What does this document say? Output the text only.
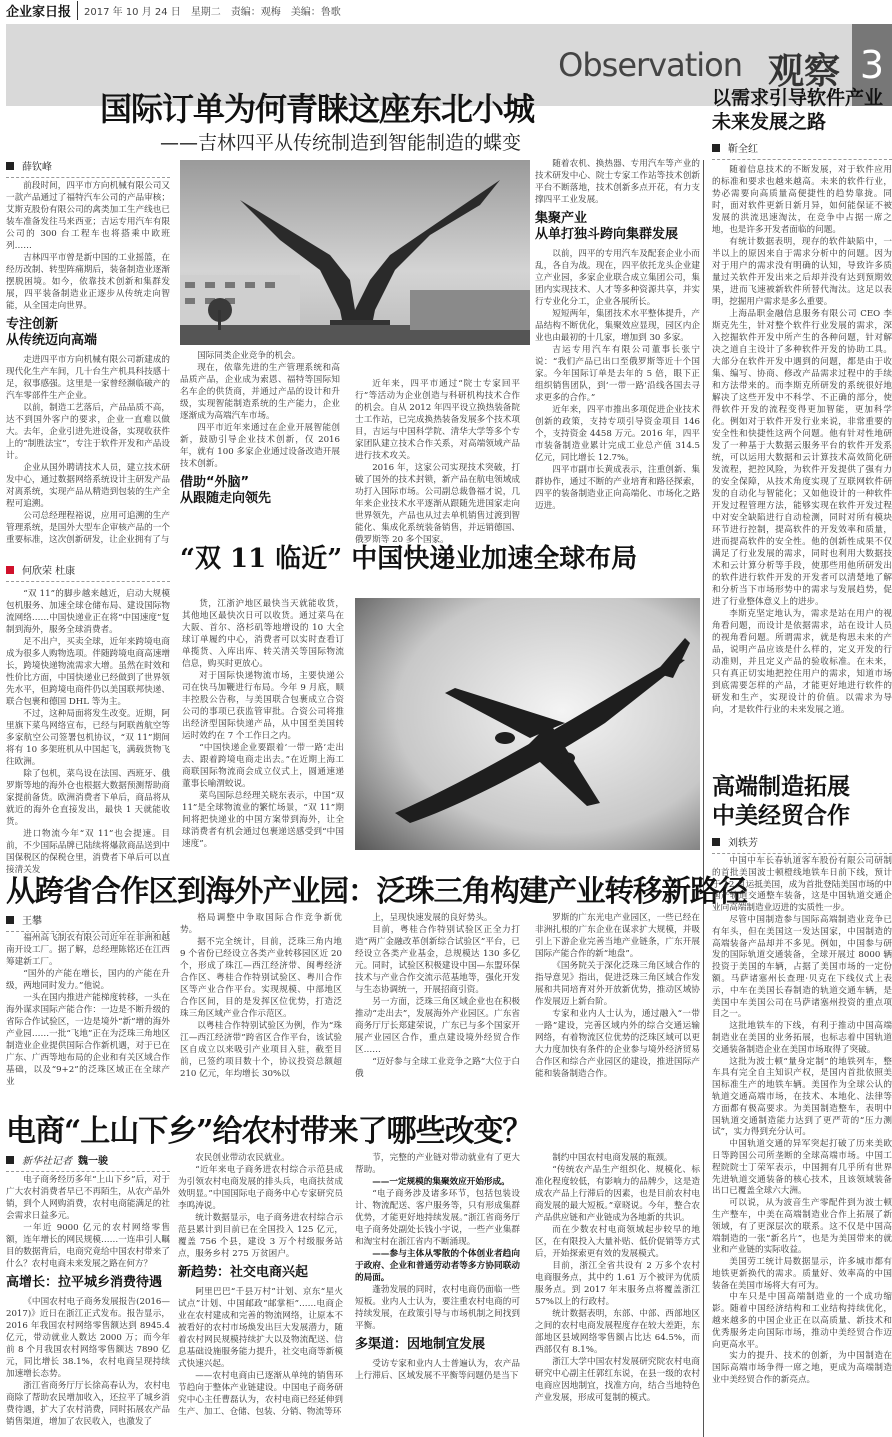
企业家日报	2017 年 10 月 24 日 星期二 责编：观梅 美编：鲁歌
Observation 观察 3
国际订单为何青睐这座东北小城
——吉林四平从传统制造到智能制造的蝶变
薛钦峰

前段时间，四平市方向机械有限公司又一款产品通过了福特汽车公司的产品审核；艾斯克股份有限公司的禽类加工生产线也已装车准备发往马来西亚；吉运专用汽车有限公司的 300 台工程车也将搭乘中欧班列……

吉林四平市曾是新中国的工业摇篮，在经历改制、转型阵痛期后，装备制造业逐渐摆脱困境。如今，依靠技术创新和集群发展，四平装备制造业正逐步从传统走向智能，从全国走向世界。

专注创新
从传统迈向高端

走进四平市方向机械有限公司新建成的现代化生产车间，几十台生产机具科技感十足，叙事感强。这里是一家曾经濒临破产的汽车零部件生产企业。

以前，制造工艺落后，产品品质不高，达不到国外客户的要求，企业一直难以做大。去年，企业引进先进设备，实现收获件上的“制胜法宝”，专注于软件开发和产品设计。

企业从国外聘请技术人员，建立技术研发中心，通过数据网络系统设计主研发产品对离系统，实现产品从精造到包装的生产全程可追溯。

公司总经理程裕说，应用可追溯的生产管理系统，是国外大型车企审核产品的一个重要标准，这次创新研发，让企业拥有了与

国际同类企业竞争的机会。

现在，依靠先进的生产管理系统和高品质产品，企业成为索恩、福特等国际知名车企的供货商，并通过产品的设计和升级，实现智能制造系统的生产能力，企业逐渐成为高端汽车市场。

四平市近年来通过在企业开展智能创新，鼓励引导企业技术创新，仅 2016 年，就有 100 多家企业通过设备改造开展技术创新。

借助“外脑”
从跟随走向领先

近年来，四平市通过“院士专家回平行”等活动为企业创造与科研机构技术合作的机会。自从 2012 年四平设立换热装备院士工作站，已完成换热装备发展多个技术项目，吉运与中国科学院、清华大学等多个专家团队建立技术合作关系，对高端领域产品进行技术攻关。

2016 年，这家公司实现技术突破，打破了国外的技术封锁，新产品在航电领域成功打入国际市场。公司副总裁鲁福才说，几年来企业技术水平逐渐从跟随先进国家走向世界领先，产品也从过去单机销售过渡到智能化、集成化系统装备销售，并远销德国、俄罗斯等 20 多个国家。

随着农机、换热器、专用汽车等产业的技术研发中心、院士专家工作站等技术创新平台不断落地，技术创新多点开花，有力支撑四平工业发展。

集聚产业
从单打独斗跨向集群发展

以前，四平的专用汽车及配套企业小而乱，各自为战。现在，四平依托龙头企业建立产业园，多家企业联合成立集团公司，集团内实现技术、人才等多种资源共享，并实行专业化分工，企业各展所长。

短短两年，集团技术水平整体提升，产品结构不断优化，集聚效应显现，园区内企业也由最初的十几家，增加到 30 多家。

吉运专用汽车有限公司董事长张宁说：“我们产品已出口至俄罗斯等近十个国家。今年国际订单是去年的 5 倍，眼下正组织销售团队，到‘一带一路’沿线各国去寻求更多的合作。”

近年来，四平市推出多项促进企业技术创新的政策，支持专项引导资金项目 146 个，支持资金 4458 万元。2016 年，四平市装备制造业累计完成工业总产值 314.5 亿元，同比增长 12.7%。

四平市副市长黄成表示，注重创新、集群协作，通过不断的产业培育和路径探索，四平的装备制造业正向高端化、市场化之路迈进。

何欣荣 杜康	“双 11 临近” 中国快递业加速全球布局

“双 11”的脚步越来越近，启动大规模包机服务、加速全球仓储布局、建设国际物流网络……中国快递业正在将“中国速度”复制到海外，服务全球消费者。

足不出户，买卖全球，近年来跨境电商成为很多人购物选项。伴随跨境电商高速增长，跨境快递物流需求大增。虽然在时效和性价比方面，中国快递业已经做到了世界领先水平，但跨境电商件仍以美国联邦快递、联合包裹和德国 DHL 等为主。

不过，这种局面将发生改变。近期，阿里旗下菜鸟网络宣布，已经与阿联酋航空等多家航空公司签署包机协议，“双 11”期间将有 10 多架班机从中国起飞，满载货物飞往欧洲。

除了包机，菜鸟设在法国、西班牙、俄罗斯等地的海外仓也根据大数据预测帮助商家提前备货。欧洲消费者下单后，商品将从就近的海外仓直接发出，最快 1 天就能收货。

进口物流今年“双 11”也会提速。目前，不少国际品牌已陆续将爆款商品送到中国保税区的保税仓里，消费者下单后可以直接清关发

货，江浙沪地区最快当天就能收货，其他地区最快次日可以收货。通过菜鸟在大阪、首尔、洛杉矶等地增设的 10 大全球订单履约中心，消费者可以实时查看订单揽货、入库出库、转关清关等国际物流信息，购买时更放心。

对于国际快递物流市场，主要快递公司在快马加鞭进行布局。今年 9 月底，顺丰控股公告称，与美国联合包裹成立合资公司的事项已获监管审批。合资公司将推出经济型国际快递产品，从中国至美国转运时效约在 7 个工作日之内。

“中国快递企业要跟着‘一带一路’走出去、跟着跨境电商走出去。”在近期上海工商联国际物流商会成立仪式上，圆通速递董事长喻渭蛟说。

菜鸟国际总经理关晓东表示，中国“双 11”是全球物流业的繁忙场景，“双 11”期间将把快递业的中国方案带到海外，让全球消费者有机会通过包裹递送感受到“中国速度”。

从跨省合作区到海外产业园：泛珠三角构建产业转移新路径
王攀

福州高飞制衣有限公司近年在非洲和越南开设工厂。据了解，总经理陈铭还在江西筹建新工厂。

“国外的产能在增长，国内的产能在升级，两地同时发力。”他说。

一头在国内推进产能梯度转移，一头在海外谋求国际产能合作：一边是不断升级的省际合作试验区，一边是境外“新”增的海外产业园……一批“飞地”正在为泛珠三角地区制造业企业提供国际合作新机遇，对于已在广东、广西等地布局的企业和有关区域合作基础，以及“9+2”的泛珠区域正在全球产业

格局调整中争取国际合作竞争新优势。

据不完全统计，目前，泛珠三角内地 9 个省份已经设立各类产业转移园区近 20 个，形成了珠江—西江经济带、闽粤经济合作区、粤桂合作特别试验区、粤川合作区等产业合作平台。实现规模、中部地区合作区间，目的是发挥区位优势，打造泛珠三角区域产业合作示范区。

以粤桂合作特别试验区为例，作为“珠江—西江经济带”跨省区合作平台，该试验区自成立以来吸引产业项目入驻，截至目前，已签约项目数十个，协议投资总额超 210 亿元，年均增长 30%以

上，呈现快速发展的良好势头。

目前，粤桂合作特别试验区正全力打造“两广金融改革创新综合试验区”平台，已经设立各类产业基金，总规模达 130 多亿元。同时，试验区积极建设中国—东盟环保技术与产业合作交流示范基地等，强化开发与生态协调统一，开展招商引资。

另一方面，泛珠三角区域企业也在积极推动“走出去”，发展海外产业园区。广东省商务厅厅长郑建荣说，广东已与多个国家开展产业园区合作，重点建设境外经贸合作区……

“迈好参与全球工业竞争之路”大位于白俄

罗斯的广东光电产业园区，一些已经在非洲扎根的广东企业在谋求扩大规模，并吸引上下游企业完善当地产业链条，广东开展国际产能合作的新“地盘”。

《国务院关于深化泛珠三角区域合作的指导意见》指出，促进泛珠三角区域合作发展和共同培育对外开放新优势，推动区域协作发展迈上新台阶。

专家和业内人士认为，通过融入“一带一路”建设，完善区域内外的综合交通运输网络，有着物流区位优势的泛珠区域可以更大力度加快有条件的企业参与境外经济贸易合作区和综合产业园区的建设，推进国际产能和装备制造合作。

电商“上山下乡”给农村带来了哪些改变？
新华社记者 魏一骏

电子商务经历多年“上山下乡”后，对于广大农村消费者早已不再陌生，从农产品外销，到个人网购消费，农村电商能满足的社会需求日益多元。

一年近 9000 亿元的农村网络零售额，连年增长的网民规模……一连串引人瞩目的数据背后，电商究竟给中国农村带来了什么？农村电商未来发展之路在何方？

高增长：拉平城乡消费待遇

《中国农村电子商务发展报告(2016—2017)》近日在浙江正式发布。报告显示，2016 年我国农村网络零售额达到 8945.4 亿元，带动就业人数达 2000 万；而今年前 8 个月我国农村网络零售额达 7890 亿元，同比增长 38.1%，农村电商呈现持续加速增长态势。

浙江省商务厅厅长徐高春认为，农村电商除了帮助农民增加收入，还拉平了城乡消费待遇，扩大了农村消费，同时拓展农产品销售渠道，增加了农民收入，也激发了

农民创业带动农民就业。

“近年来电子商务进农村综合示范县成为引领农村电商发展的排头兵，电商扶贫成效明显。”中国国际电子商务中心专家研究员李鸣涛说。

统计数据显示，电子商务进农村综合示范县累计到目前已在全国投入 125 亿元，覆盖 756 个县，建设 3 万个村级服务站点，服务乡村 275 万贫困户。

新趋势：社交电商兴起

阿里巴巴“千县万村”计划、京东“星火试点”计划、中国邮政“邮掌柜”……电商企业在农村建成和完善的物流网络，让原本不被看好的农村市场焕发出巨大发展潜力，随着农村网民规模持续扩大以及物流配送、信息基础设施服务能力提升，社交电商等新模式快速兴起。

——农村电商由已逐渐从单纯的销售环节趋向于整体产业链建设。中国电子商务研究中心主任曹磊认为，农村电商已经延伸到生产、加工、仓储、包装、分销、物流等环

节，完整的产业链对带动就业有了更大帮助。

——一定规模的集聚效应开始形成。

“电子商务涉及诸多环节，包括包装设计、物流配送、客户服务等，只有形成集群优势，才能更好地持续发展。”浙江省商务厅电子商务处副处长钱小宇说，一些产业集群和淘宝村在浙江省内不断涌现。

——参与主体从零散的个体创业者趋向于政府、企业和普通劳动者等多方协同联动的局面。

蓬勃发展的同时，农村电商仍面临一些短板。业内人士认为，要注重农村电商的可持续发展，在政策引导与市场机制之间找到平衡。

多渠道：因地制宜发展

受访专家和业内人士普遍认为，农产品上行滞后、区域发展不平衡等问题仍是当下

制约中国农村电商发展的瓶颈。

“传统农产品生产组织化、规模化、标准化程度较低，有影响力的品牌少，这是造成农产品上行滞后的因素，也是目前农村电商发展的最大短板。”章晓说。今年，整合农产品供应链和产业链成为各地新的共识。

而在少数农村电商领域起步较早的地区，在有限投入大量补贴、低价促销等方式后，开始探索更有效的发展模式。

目前，浙江全省共设有 2 万多个农村电商服务点，其中约 1.61 万个被评为优质服务点。到 2017 年末服务点将覆盖浙江 57%以上的行政村。

统计数据表明，东部、中部、西部地区之间的农村电商发展程度存在较大差距，东部地区县域网络零售额占比达 64.5%，而西部仅有 8.1%。

浙江大学中国农村发展研究院农村电商研究中心副主任郭红东说，在县一级的农村电商应因地制宜，找准方向，结合当地特色产业发展，形成可复制的模式。

以需求引导软件产业
未来发展之路
靳全红

随着信息技术的不断发展，对于软件应用的标准和要求也越来越高。未来的软件行业，势必需要向高质量高便捷性的趋势靠拢。同时，面对软件更新日新月异，如何能保证不被发展的洪流迅速淘汰，在竞争中占据一席之地，也是许多开发者面临的问题。

有统计数据表明，现存的软件缺陷中，一半以上的原因来自于需求分析中的问题。因为对于用户的需求没有明确的认知，导致许多质量过关软件开发出来之后却并没有达到预期效果，进而飞速被新软件所替代淘汰。这足以表明，挖掘用户需求是多么重要。

上海品职金融信息服务有限公司 CEO 李斯克先生，针对整个软件行业发展的需求，深入挖掘软件开发中所产生的各种问题，针对解决之道自主设计了多种软件开发的协助工具。大部分在软件开发中遇到的问题，都是由于收集、编写、协商、修改产品需求过程中的手续和方法带来的。而李斯克所研发的系统很好地解决了这些开发中不科学、不正确的部分，使得软件开发的流程变得更加智能，更加科学化。例如对于软件开发行业来说，非常重要的安全性和快捷性这两个问题。他有针对性地研发了一种基于大数据云服务平台的软件开发系统，可以运用大数据和云计算技术高效简化研发流程，把控风险，为软件开发提供了强有力的安全保障，从技术角度实现了互联网软件研发的自动化与智能化；又如他设计的一种软件开发过程管理方法，能够实现在软件开发过程中对安全缺陷进行自动检测，同时对所有模块环节进行控制，提高软件的开发效率和质量，进而提高软件的安全性。他的创新性成果不仅满足了行业发展的需求，同时也利用大数据技术和云计算分析等手段，使那些用他所研发出的软件进行软件开发的开发者可以清楚地了解和分析当下市场形势中的需求与发展趋势，促进了行业整体意义上的进步。

李斯克坚定地认为，需求是站在用户的视角看问题，而设计是依据需求，站在设计人员的视角看问题。所谓需求，就是构思未来的产品，说明产品应该是什么样的，定义开发的行动准则，并且定义产品的验收标准。在未来，只有真正切实地把控住用户的需求，知道市场到底需要怎样的产品，才能更好地进行软件的研发和生产，实现设计的价值。以需求为导向，才是软件行业的未来发展之道。

高端制造拓展
中美经贸合作
刘轶芳

中国中车长春轨道客车股份有限公司研制的首批美国波士顿橙线地铁车日前下线，预计于 12 月运抵美国，成为首批登陆美国市场的中国产轨道交通整车装备，这是中国轨道交通企业向高端制造业迈进的实质性一步。

尽管中国制造参与国际高端制造业竞争已有年头，但在美国这一发达国家，中国制造的高端装备产品却并不多见。例如，中国参与研发的国际轨道交通装备，全球开展过 8000 辆投资于美国的车辆，占据了美国市场的一定份额。马萨诸塞州长查理·贝克在下线仪式上表示，中车在美国长春制造的轨道交通车辆，是美国中车美国公司在马萨诸塞州投资的重点项目之一。

这批地铁车的下线，有利于推动中国高端制造业在美国的业务拓展，也标志着中国轨道交通装备制造企业在美国市场取得了突破。

这批为波士顿“量身定制”的地铁列车，整车具有完全自主知识产权，是国内首批依照美国标准生产的地铁车辆。美国作为全球公认的轨道交通高端市场，在技术、本地化、法律等方面都有极高要求。为美国制造整车，表明中国轨道交通制造能力达到了更严苛的“压力测试”，实力得到充分认可。

中国轨道交通的异军突起打破了历来美欧日等跨国公司所垄断的全球高端市场。中国工程院院士丁荣军表示，中国拥有几乎所有世界先进轨道交通装备的核心技术，且该领域装备出口已覆盖全球六大洲。

可以说，从为波音生产零配件到为波士顿生产整车，中美在高端制造业合作上拓展了新领域，有了更深层次的联系。这不仅是中国高端制造的一张“新名片”，也是为美国带来的就业和产业链的实际收益。

美国劳工统计局数据显示，许多城市都有地铁更新换代的需求。质量好、效率高的中国装备在美国市场将大有可为。

中车只是中国高端制造业的一个成功缩影。随着中国经济结构和工业结构持续优化，越来越多的中国企业正在以高质量、新技术和优秀服务走向国际市场，推动中美经贸合作迈向更高水平。

实力的提升、技术的创新，为中国制造在国际高端市场争得一席之地，更成为高端制造业中美经贸合作的新亮点。
